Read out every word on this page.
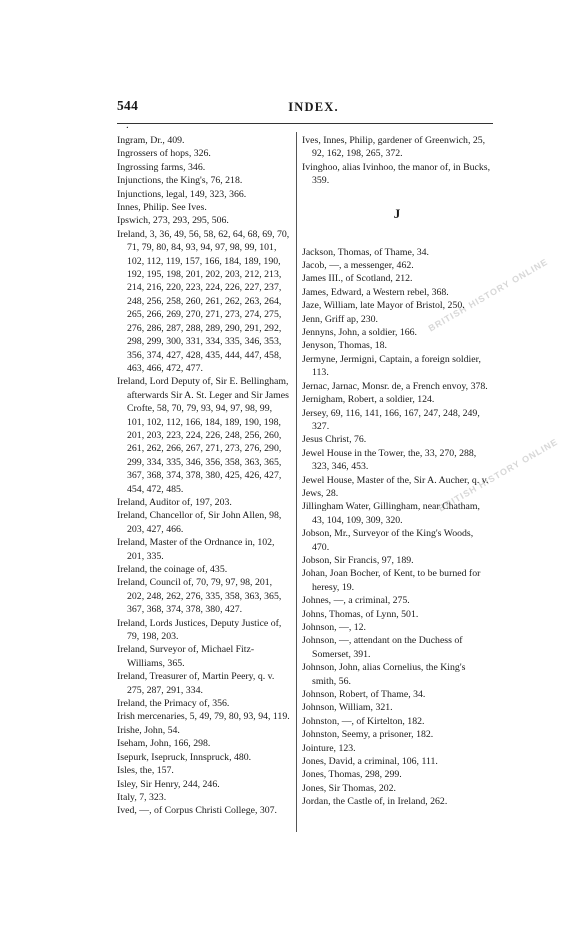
544	INDEX.
.
BRITISH HISTORY ONLINE
BRITISH HISTORY ONLINE

Ingram, Dr., 409.

Ingrossers of hops, 326.

Ingrossing farms, 346.

Injunctions, the King's, 76, 218.

Injunctions, legal, 149, 323, 366.

Innes, Philip. See Ives.

Ipswich, 273, 293, 295, 506.

Ireland, 3, 36, 49, 56, 58, 62, 64, 68, 69, 70, 71, 79, 80, 84, 93, 94, 97, 98, 99, 101, 102, 112, 119, 157, 166, 184, 189, 190, 192, 195, 198, 201, 202, 203, 212, 213, 214, 216, 220, 223, 224, 226, 227, 237, 248, 256, 258, 260, 261, 262, 263, 264, 265, 266, 269, 270, 271, 273, 274, 275, 276, 286, 287, 288, 289, 290, 291, 292, 298, 299, 300, 331, 334, 335, 346, 353, 356, 374, 427, 428, 435, 444, 447, 458, 463, 466, 472, 477.

Ireland, Lord Deputy of, Sir E. Bellingham, afterwards Sir A. St. Leger and Sir James Crofte, 58, 70, 79, 93, 94, 97, 98, 99, 101, 102, 112, 166, 184, 189, 190, 198, 201, 203, 223, 224, 226, 248, 256, 260, 261, 262, 266, 267, 271, 273, 276, 290, 299, 334, 335, 346, 356, 358, 363, 365, 367, 368, 374, 378, 380, 425, 426, 427, 454, 472, 485.

Ireland, Auditor of, 197, 203.

Ireland, Chancellor of, Sir John Allen, 98, 203, 427, 466.

Ireland, Master of the Ordnance in, 102, 201, 335.

Ireland, the coinage of, 435.

Ireland, Council of, 70, 79, 97, 98, 201, 202, 248, 262, 276, 335, 358, 363, 365, 367, 368, 374, 378, 380, 427.

Ireland, Lords Justices, Deputy Justice of, 79, 198, 203.

Ireland, Surveyor of, Michael Fitz-Williams, 365.

Ireland, Treasurer of, Martin Peery, q. v. 275, 287, 291, 334.

Ireland, the Primacy of, 356.

Irish mercenaries, 5, 49, 79, 80, 93, 94, 119.

Irishe, John, 54.

Iseham, John, 166, 298.

Isepurk, Isepruck, Innspruck, 480.

Isles, the, 157.

Isley, Sir Henry, 244, 246.

Italy, 7, 323.

Ived, —, of Corpus Christi College, 307.

Ives, Innes, Philip, gardener of Greenwich, 25, 92, 162, 198, 265, 372.

Ivinghoo, alias Ivinhoo, the manor of, in Bucks, 359.

J

Jackson, Thomas, of Thame, 34.

Jacob, —, a messenger, 462.

James III., of Scotland, 212.

James, Edward, a Western rebel, 368.

Jaze, William, late Mayor of Bristol, 250.

Jenn, Griff ap, 230.

Jennyns, John, a soldier, 166.

Jenyson, Thomas, 18.

Jermyne, Jermigni, Captain, a foreign soldier, 113.

Jernac, Jarnac, Monsr. de, a French envoy, 378.

Jernigham, Robert, a soldier, 124.

Jersey, 69, 116, 141, 166, 167, 247, 248, 249, 327.

Jesus Christ, 76.

Jewel House in the Tower, the, 33, 270, 288, 323, 346, 453.

Jewel House, Master of the, Sir A. Aucher, q. v.

Jews, 28.

Jillingham Water, Gillingham, near Chatham, 43, 104, 109, 309, 320.

Jobson, Mr., Surveyor of the King's Woods, 470.

Jobson, Sir Francis, 97, 189.

Johan, Joan Bocher, of Kent, to be burned for heresy, 19.

Johnes, —, a criminal, 275.

Johns, Thomas, of Lynn, 501.

Johnson, —, 12.

Johnson, —, attendant on the Duchess of Somerset, 391.

Johnson, John, alias Cornelius, the King's smith, 56.

Johnson, Robert, of Thame, 34.

Johnson, William, 321.

Johnston, —, of Kirtelton, 182.

Johnston, Seemy, a prisoner, 182.

Jointure, 123.

Jones, David, a criminal, 106, 111.

Jones, Thomas, 298, 299.

Jones, Sir Thomas, 202.

Jordan, the Castle of, in Ireland, 262.
